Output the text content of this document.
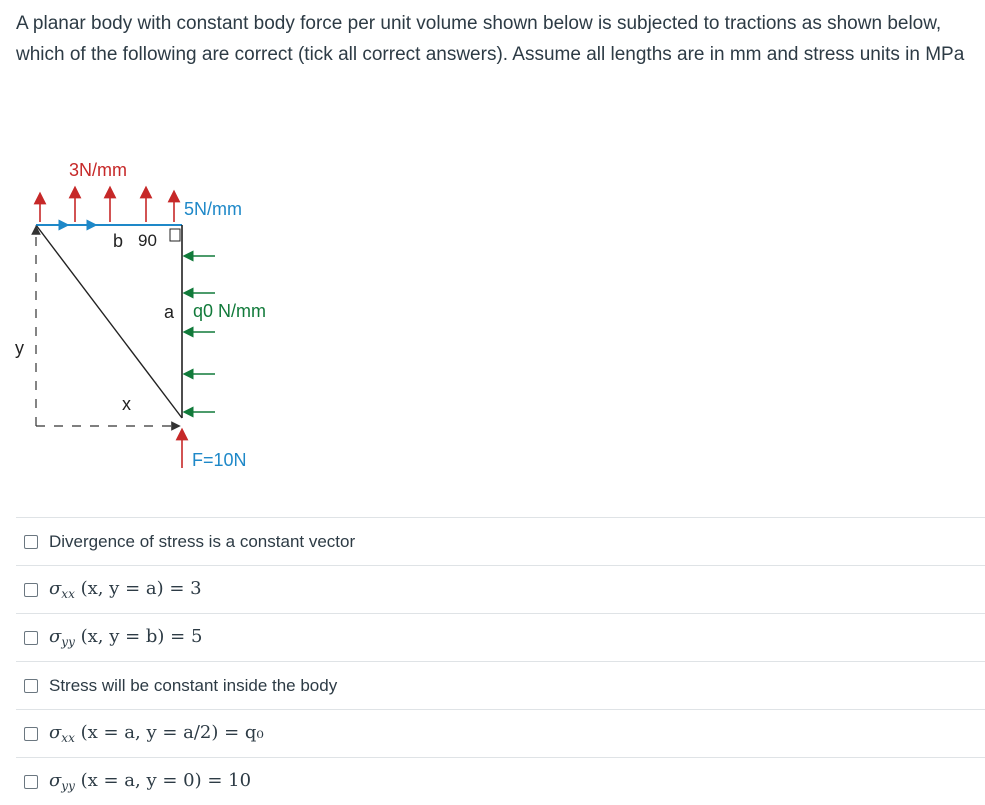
A planar body with constant body force per unit volume shown below is subjected to tractions as shown below, which of the following are correct (tick all correct answers). Assume all lengths are in mm and stress units in MPa
3N/mm
5N/mm
b 90
a q0 N/mm
y
x
F=10N
Divergence of stress is a constant vector
$\sigma_{xx}$ (x, y = a) = 3
$\sigma_{yy}$ (x, y = b) = 5
Stress will be constant inside the body
$\sigma_{xx}$ (x = a, y = a/2) = q₀
$\sigma_{yy}$ (x = a, y = 0) = 10
